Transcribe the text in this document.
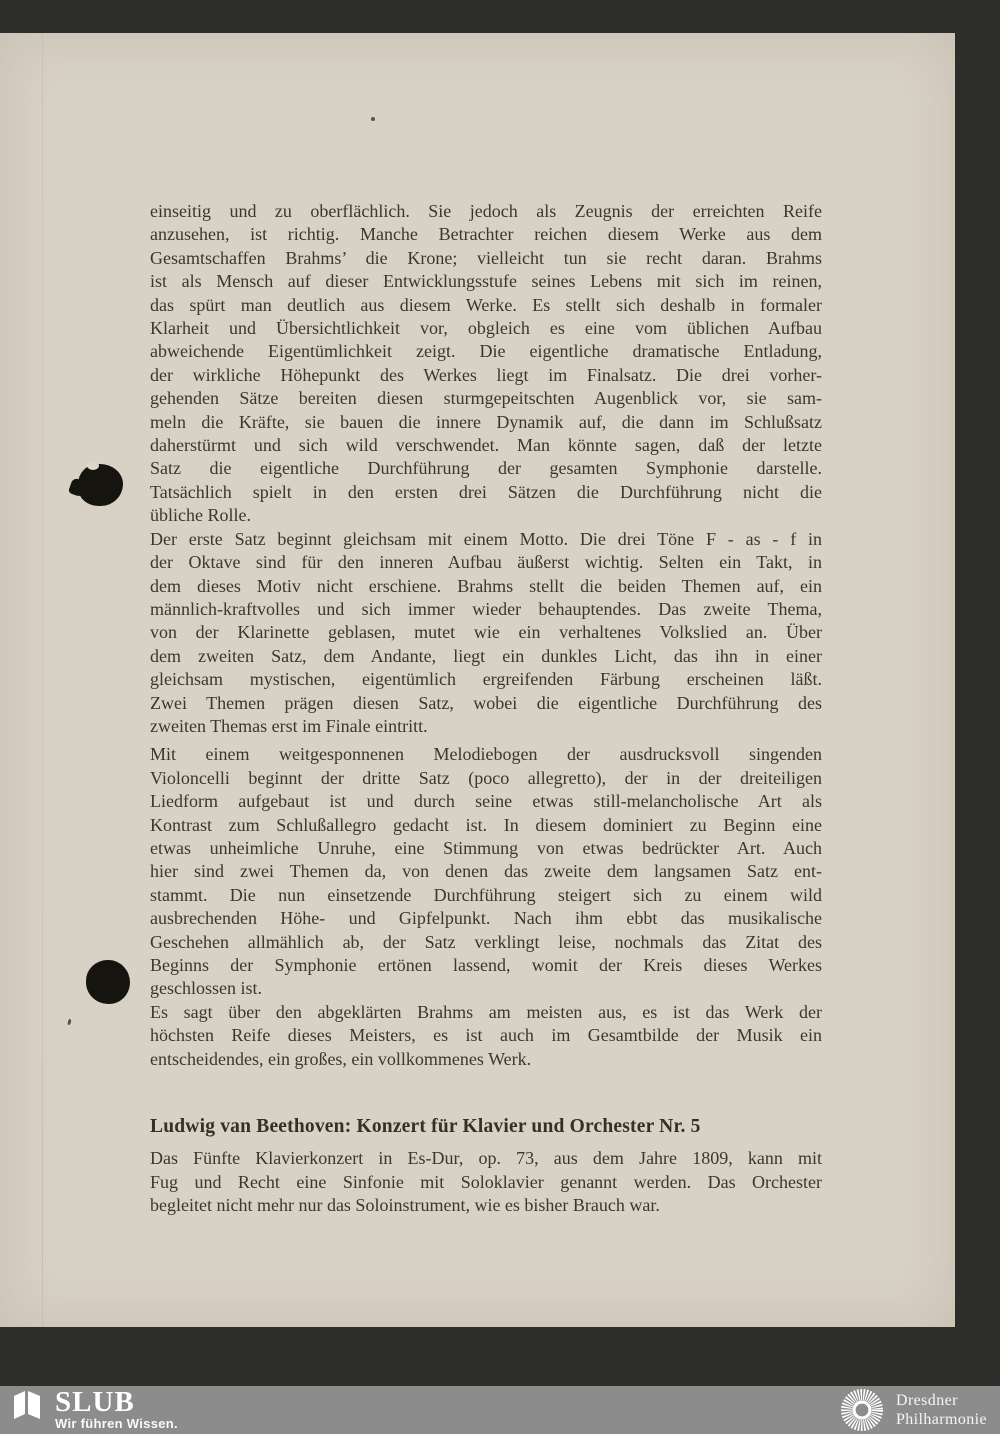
einseitig und zu oberflächlich. Sie jedoch als Zeugnis der erreichten Reife
anzusehen, ist richtig. Manche Betrachter reichen diesem Werke aus dem
Gesamtschaffen Brahms’ die Krone; vielleicht tun sie recht daran. Brahms
ist als Mensch auf dieser Entwicklungsstufe seines Lebens mit sich im reinen,
das spürt man deutlich aus diesem Werke. Es stellt sich deshalb in formaler
Klarheit und Übersichtlichkeit vor, obgleich es eine vom üblichen Aufbau
abweichende Eigentümlichkeit zeigt. Die eigentliche dramatische Entladung,
der wirkliche Höhepunkt des Werkes liegt im Finalsatz. Die drei vorher-
gehenden Sätze bereiten diesen sturmgepeitschten Augenblick vor, sie sam-
meln die Kräfte, sie bauen die innere Dynamik auf, die dann im Schlußsatz
daherstürmt und sich wild verschwendet. Man könnte sagen, daß der letzte
Satz die eigentliche Durchführung der gesamten Symphonie darstelle.
Tatsächlich spielt in den ersten drei Sätzen die Durchführung nicht die
übliche Rolle.
Der erste Satz beginnt gleichsam mit einem Motto. Die drei Töne F - as - f in
der Oktave sind für den inneren Aufbau äußerst wichtig. Selten ein Takt, in
dem dieses Motiv nicht erschiene. Brahms stellt die beiden Themen auf, ein
männlich-kraftvolles und sich immer wieder behauptendes. Das zweite Thema,
von der Klarinette geblasen, mutet wie ein verhaltenes Volkslied an. Über
dem zweiten Satz, dem Andante, liegt ein dunkles Licht, das ihn in einer
gleichsam mystischen, eigentümlich ergreifenden Färbung erscheinen läßt.
Zwei Themen prägen diesen Satz, wobei die eigentliche Durchführung des
zweiten Themas erst im Finale eintritt.
Mit einem weitgesponnenen Melodiebogen der ausdrucksvoll singenden
Violoncelli beginnt der dritte Satz (poco allegretto), der in der dreiteiligen
Liedform aufgebaut ist und durch seine etwas still-melancholische Art als
Kontrast zum Schlußallegro gedacht ist. In diesem dominiert zu Beginn eine
etwas unheimliche Unruhe, eine Stimmung von etwas bedrückter Art. Auch
hier sind zwei Themen da, von denen das zweite dem langsamen Satz ent-
stammt. Die nun einsetzende Durchführung steigert sich zu einem wild
ausbrechenden Höhe- und Gipfelpunkt. Nach ihm ebbt das musikalische
Geschehen allmählich ab, der Satz verklingt leise, nochmals das Zitat des
Beginns der Symphonie ertönen lassend, womit der Kreis dieses Werkes
geschlossen ist.
Es sagt über den abgeklärten Brahms am meisten aus, es ist das Werk der
höchsten Reife dieses Meisters, es ist auch im Gesamtbilde der Musik ein
entscheidendes, ein großes, ein vollkommenes Werk.
Ludwig van Beethoven: Konzert für Klavier und Orchester Nr. 5
Das Fünfte Klavierkonzert in Es-Dur, op. 73, aus dem Jahre 1809, kann mit
Fug und Recht eine Sinfonie mit Soloklavier genannt werden. Das Orchester
begleitet nicht mehr nur das Soloinstrument, wie es bisher Brauch war.
SLUB
Wir führen Wissen.
Dresdner
Philharmonie
